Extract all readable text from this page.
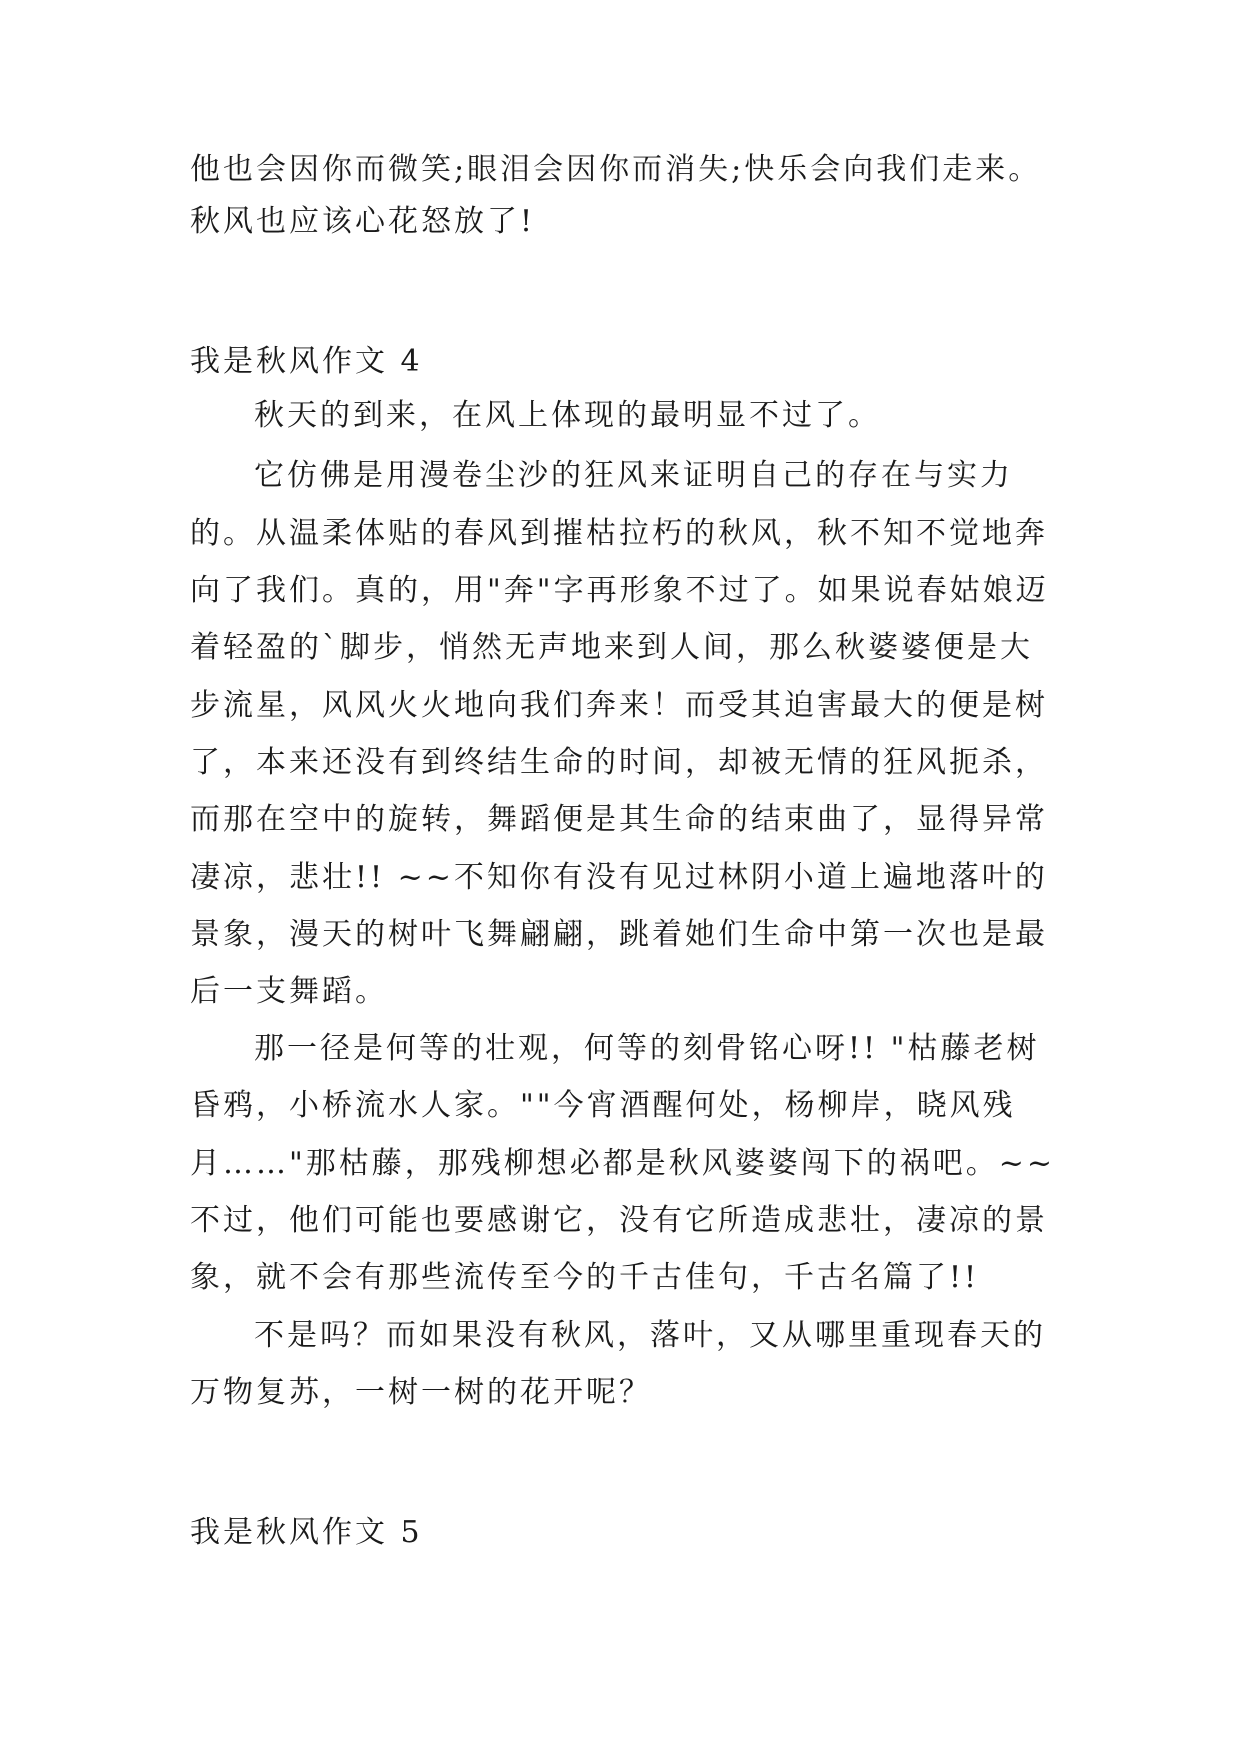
他也会因你而微笑;眼泪会因你而消失;快乐会向我们走来。
秋风也应该心花怒放了!
我是秋风作文 4
秋天的到来，在风上体现的最明显不过了。
它仿佛是用漫卷尘沙的狂风来证明自己的存在与实力
的。从温柔体贴的春风到摧枯拉朽的秋风，秋不知不觉地奔
向了我们。真的，用"奔"字再形象不过了。如果说春姑娘迈
着轻盈的`脚步，悄然无声地来到人间，那么秋婆婆便是大
步流星，风风火火地向我们奔来！而受其迫害最大的便是树
了，本来还没有到终结生命的时间，却被无情的狂风扼杀，
而那在空中的旋转，舞蹈便是其生命的结束曲了，显得异常
凄凉，悲壮!! ~~不知你有没有见过林阴小道上遍地落叶的
景象，漫天的树叶飞舞翩翩，跳着她们生命中第一次也是最
后一支舞蹈。
那一径是何等的壮观，何等的刻骨铭心呀!! "枯藤老树
昏鸦，小桥流水人家。""今宵酒醒何处，杨柳岸，晓风残
月……"那枯藤，那残柳想必都是秋风婆婆闯下的祸吧。~~
不过，他们可能也要感谢它，没有它所造成悲壮，凄凉的景
象，就不会有那些流传至今的千古佳句，千古名篇了!!
不是吗？而如果没有秋风，落叶，又从哪里重现春天的
万物复苏，一树一树的花开呢？
我是秋风作文 5
